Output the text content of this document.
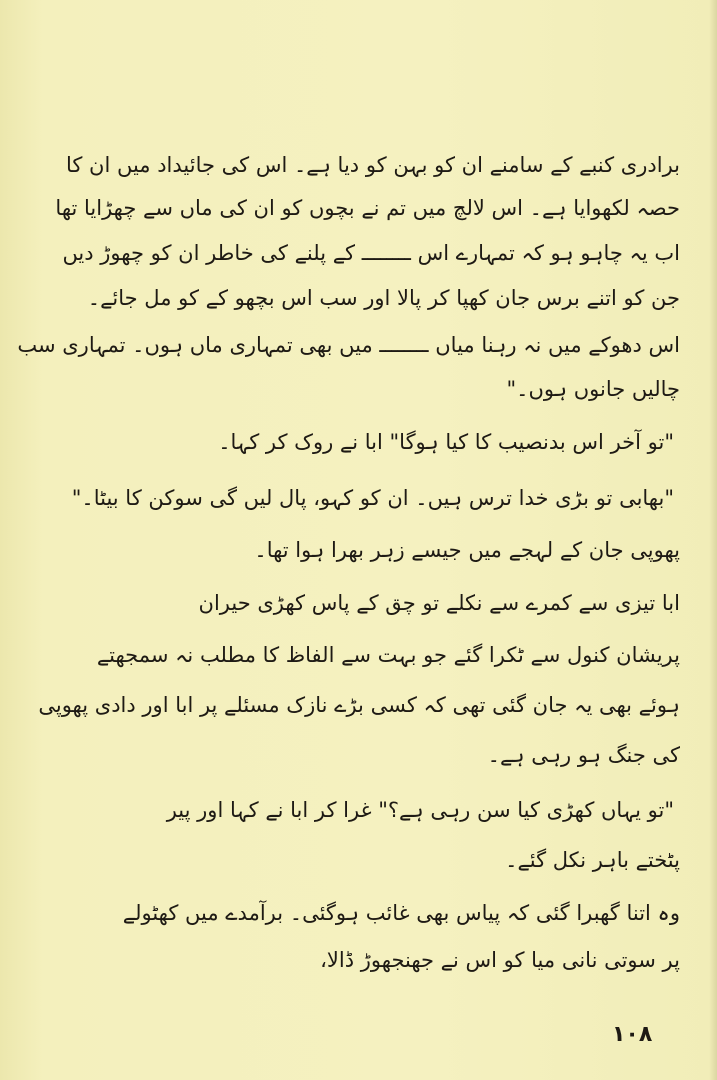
برادری کنبے کے سامنے ان کو بہن کو دیا ہے۔ اس کی جائیداد میں ان کا
حصہ لکھوایا ہے۔ اس لالچ میں تم نے بچوں کو ان کی ماں سے چھڑایا تھا
اب یہ چاہو ہو کہ تمہارے اس ــــــــ کے پلنے کی خاطر ان کو چھوڑ دیں
جن کو اتنے برس جان کھپا کر پالا اور سب اس بچھو کے کو مل جائے۔
اس دھوکے میں نہ رہنا میاں ــــــــ میں بھی تمہاری ماں ہوں۔ تمہاری سب
چالیں جانوں ہوں۔"
"تو آخر اس بدنصیب کا کیا ہوگا" ابا نے روک کر کہا۔
"بھابی تو بڑی خدا ترس ہیں۔ ان کو کہو، پال لیں گی سوکن کا بیٹا۔"
پھوپی جان کے لہجے میں جیسے زہر بھرا ہوا تھا۔
ابا تیزی سے کمرے سے نکلے تو چق کے پاس کھڑی حیران
پریشان کنول سے ٹکرا گئے جو بہت سے الفاظ کا مطلب نہ سمجھتے
ہوئے بھی یہ جان گئی تھی کہ کسی بڑے نازک مسئلے پر ابا اور دادی پھوپی
کی جنگ ہو رہی ہے۔
"تو یہاں کھڑی کیا سن رہی ہے؟" غرا کر ابا نے کہا اور پیر
پٹختے باہر نکل گئے۔
وہ اتنا گھبرا گئی کہ پیاس بھی غائب ہوگئی۔ برآمدے میں کھٹولے
پر سوتی نانی میا کو اس نے جھنجھوڑ ڈالا،
۱۰۸
